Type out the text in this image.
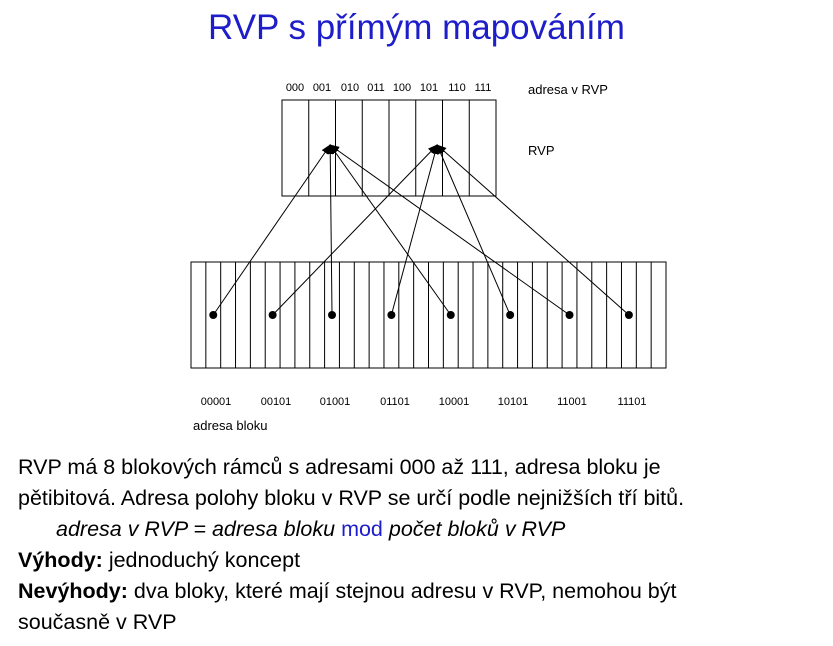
RVP s přímým mapováním
000 001 010 011 100 101 110 111	adresa v RVP
RVP
00001	00101	01001	01101	10001	10101	11001	11101
adresa bloku
RVP má 8 blokových rámců s adresami 000 až 111, adresa bloku je
pětibitová. Adresa polohy bloku v RVP se určí podle nejnižších tří bitů.
adresa v RVP = adresa bloku mod počet bloků v RVP
Výhody: jednoduchý koncept
Nevýhody: dva bloky, které mají stejnou adresu v RVP, nemohou být
současně v RVP
